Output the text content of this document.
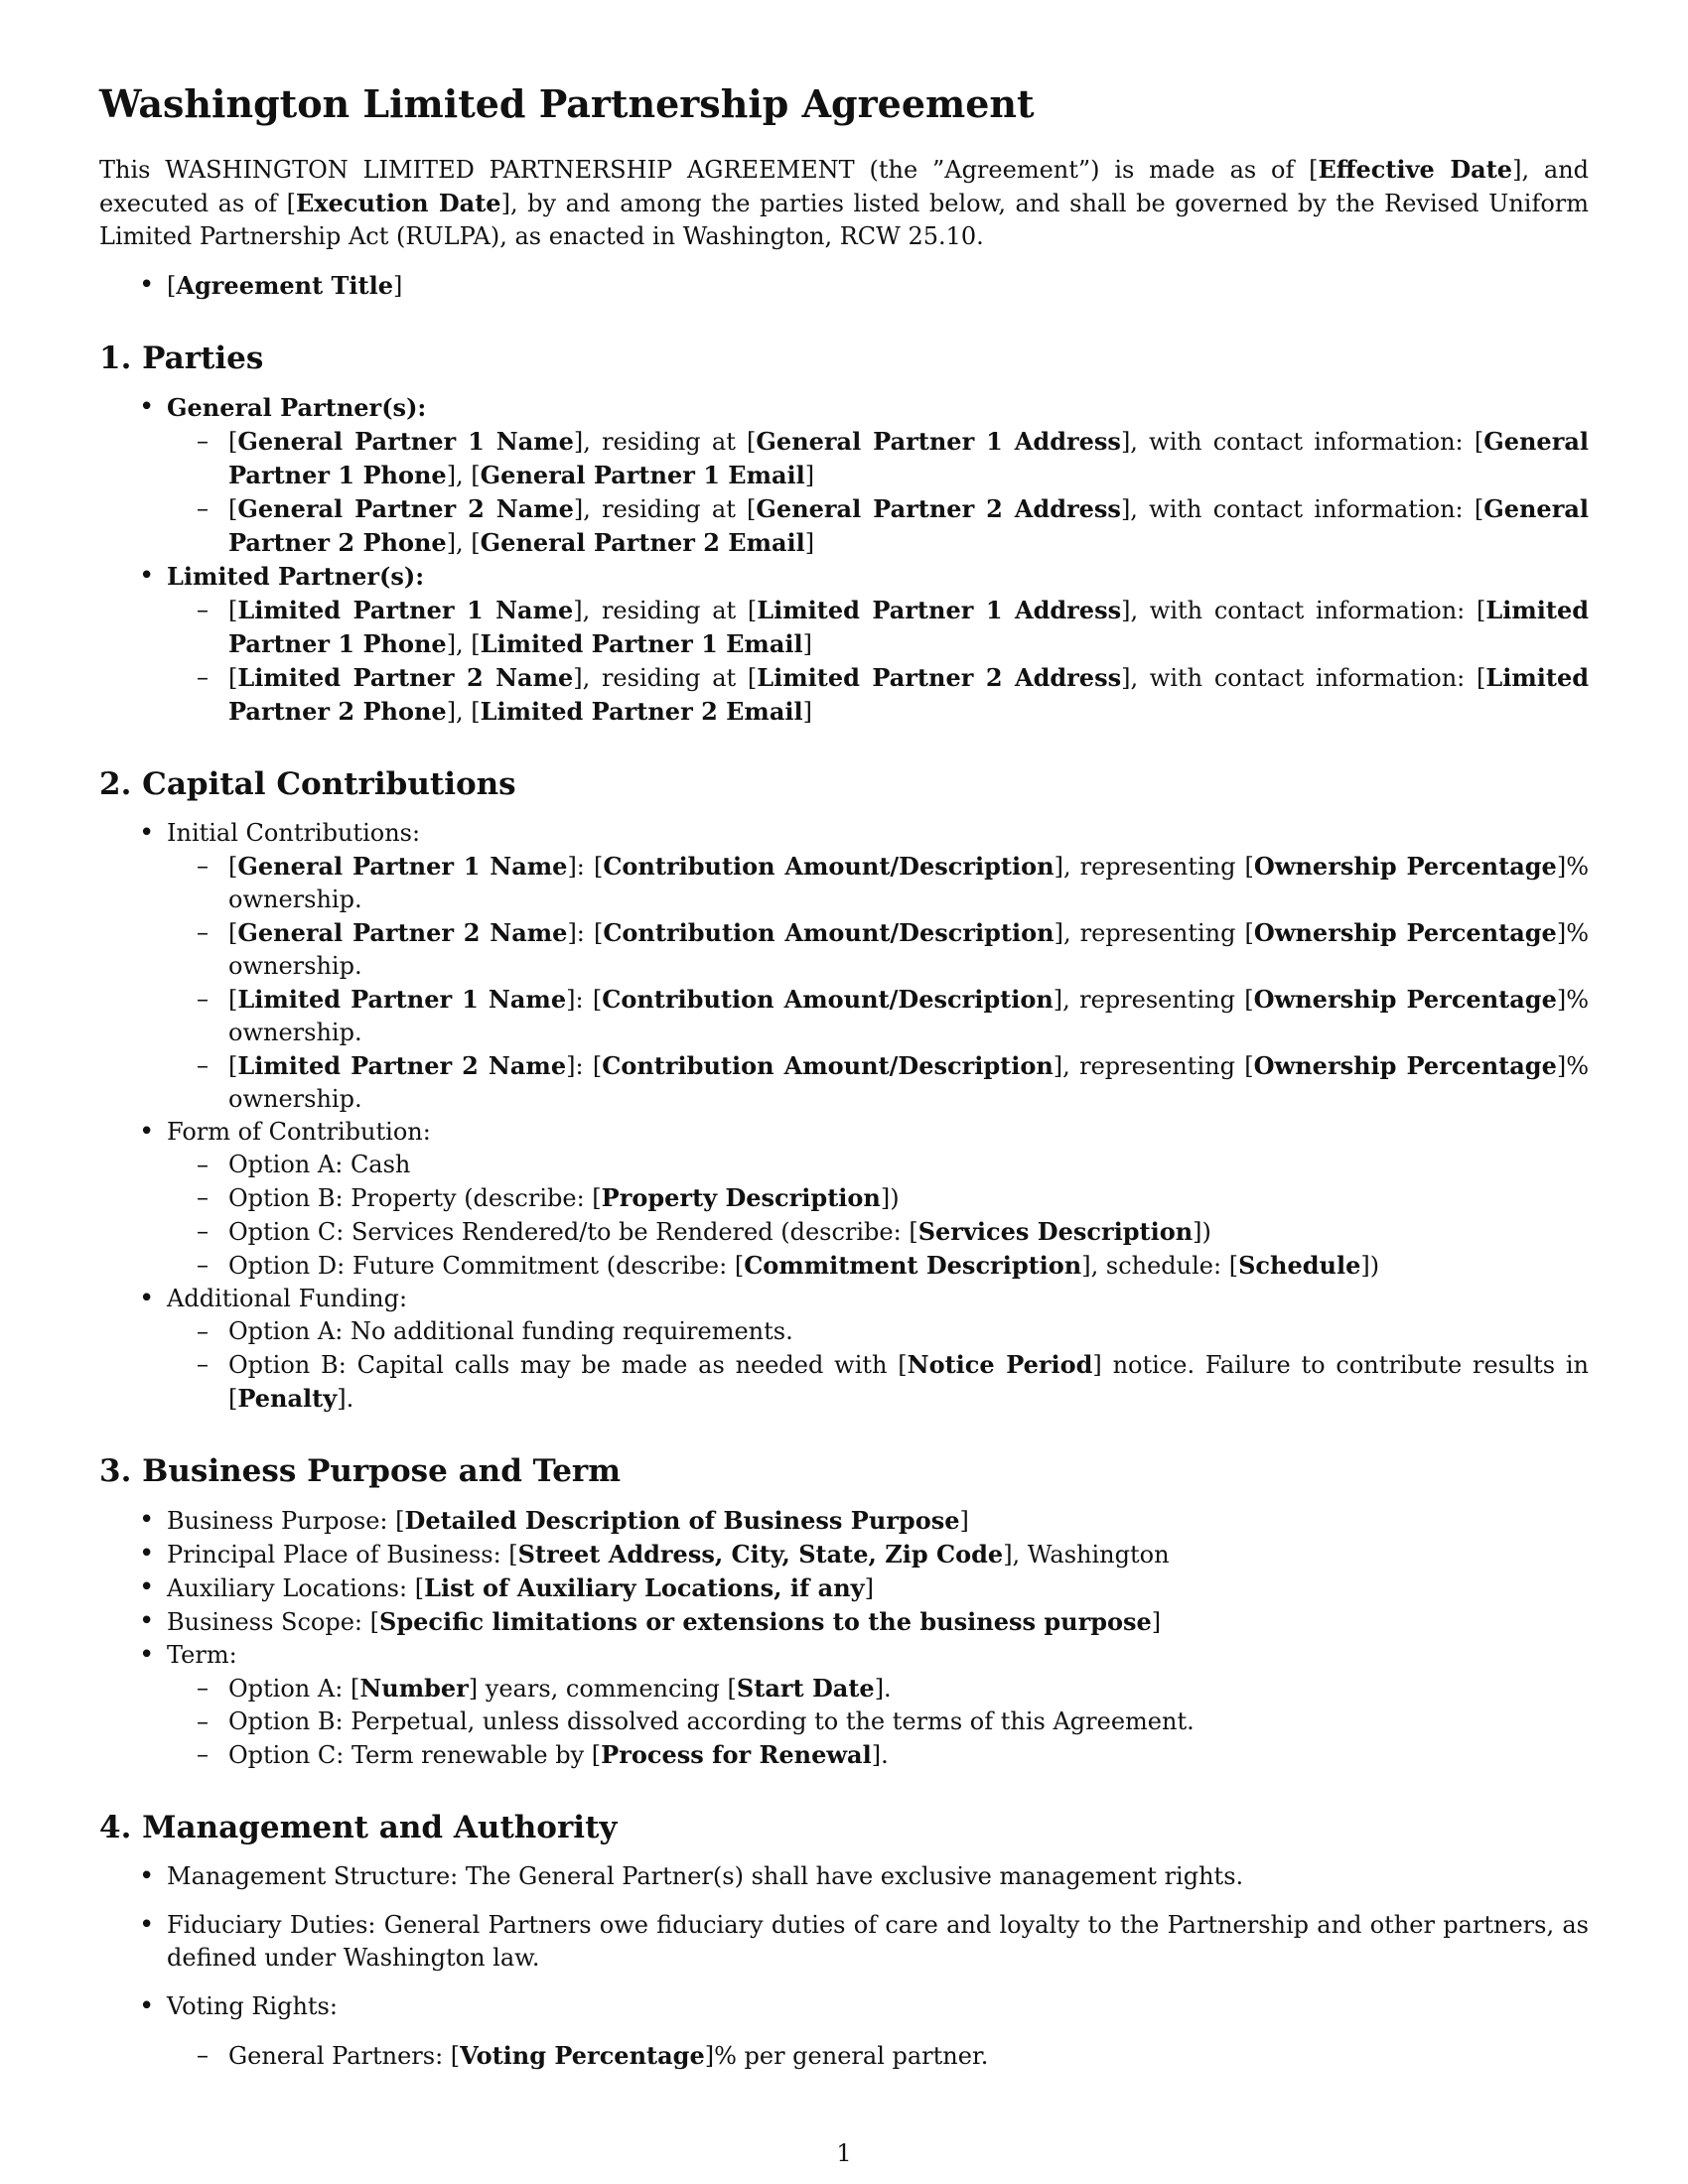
Washington Limited Partnership Agreement

This WASHINGTON LIMITED PARTNERSHIP AGREEMENT (the ”Agreement”) is made as of [Effective Date], and executed as of [Execution Date], by and among the parties listed below, and shall be governed by the Revised Uniform Limited Partnership Act (RULPA), as enacted in Washington, RCW 25.10.

• [Agreement Title]
1. Parties
• General Partner(s):
– [General Partner 1 Name], residing at [General Partner 1 Address], with contact information: [General Partner 1 Phone], [General Partner 1 Email]
– [General Partner 2 Name], residing at [General Partner 2 Address], with contact information: [General Partner 2 Phone], [General Partner 2 Email]
• Limited Partner(s):
– [Limited Partner 1 Name], residing at [Limited Partner 1 Address], with contact information: [Limited Partner 1 Phone], [Limited Partner 1 Email]
– [Limited Partner 2 Name], residing at [Limited Partner 2 Address], with contact information: [Limited Partner 2 Phone], [Limited Partner 2 Email]
2. Capital Contributions
• Initial Contributions:
– [General Partner 1 Name]: [Contribution Amount/Description], representing [Ownership Percentage]% ownership.
– [General Partner 2 Name]: [Contribution Amount/Description], representing [Ownership Percentage]% ownership.
– [Limited Partner 1 Name]: [Contribution Amount/Description], representing [Ownership Percentage]% ownership.
– [Limited Partner 2 Name]: [Contribution Amount/Description], representing [Ownership Percentage]% ownership.
• Form of Contribution:
– Option A: Cash
– Option B: Property (describe: [Property Description])
– Option C: Services Rendered/to be Rendered (describe: [Services Description])
– Option D: Future Commitment (describe: [Commitment Description], schedule: [Schedule])
• Additional Funding:
– Option A: No additional funding requirements.
– Option B: Capital calls may be made as needed with [Notice Period] notice. Failure to contribute results in [Penalty].
3. Business Purpose and Term
• Business Purpose: [Detailed Description of Business Purpose]
• Principal Place of Business: [Street Address, City, State, Zip Code], Washington
• Auxiliary Locations: [List of Auxiliary Locations, if any]
• Business Scope: [Specific limitations or extensions to the business purpose]
• Term:
– Option A: [Number] years, commencing [Start Date].
– Option B: Perpetual, unless dissolved according to the terms of this Agreement.
– Option C: Term renewable by [Process for Renewal].
4. Management and Authority
• Management Structure: The General Partner(s) shall have exclusive management rights.
• Fiduciary Duties: General Partners owe fiduciary duties of care and loyalty to the Partnership and other partners, as defined under Washington law.
• Voting Rights:
– General Partners: [Voting Percentage]% per general partner.
1
